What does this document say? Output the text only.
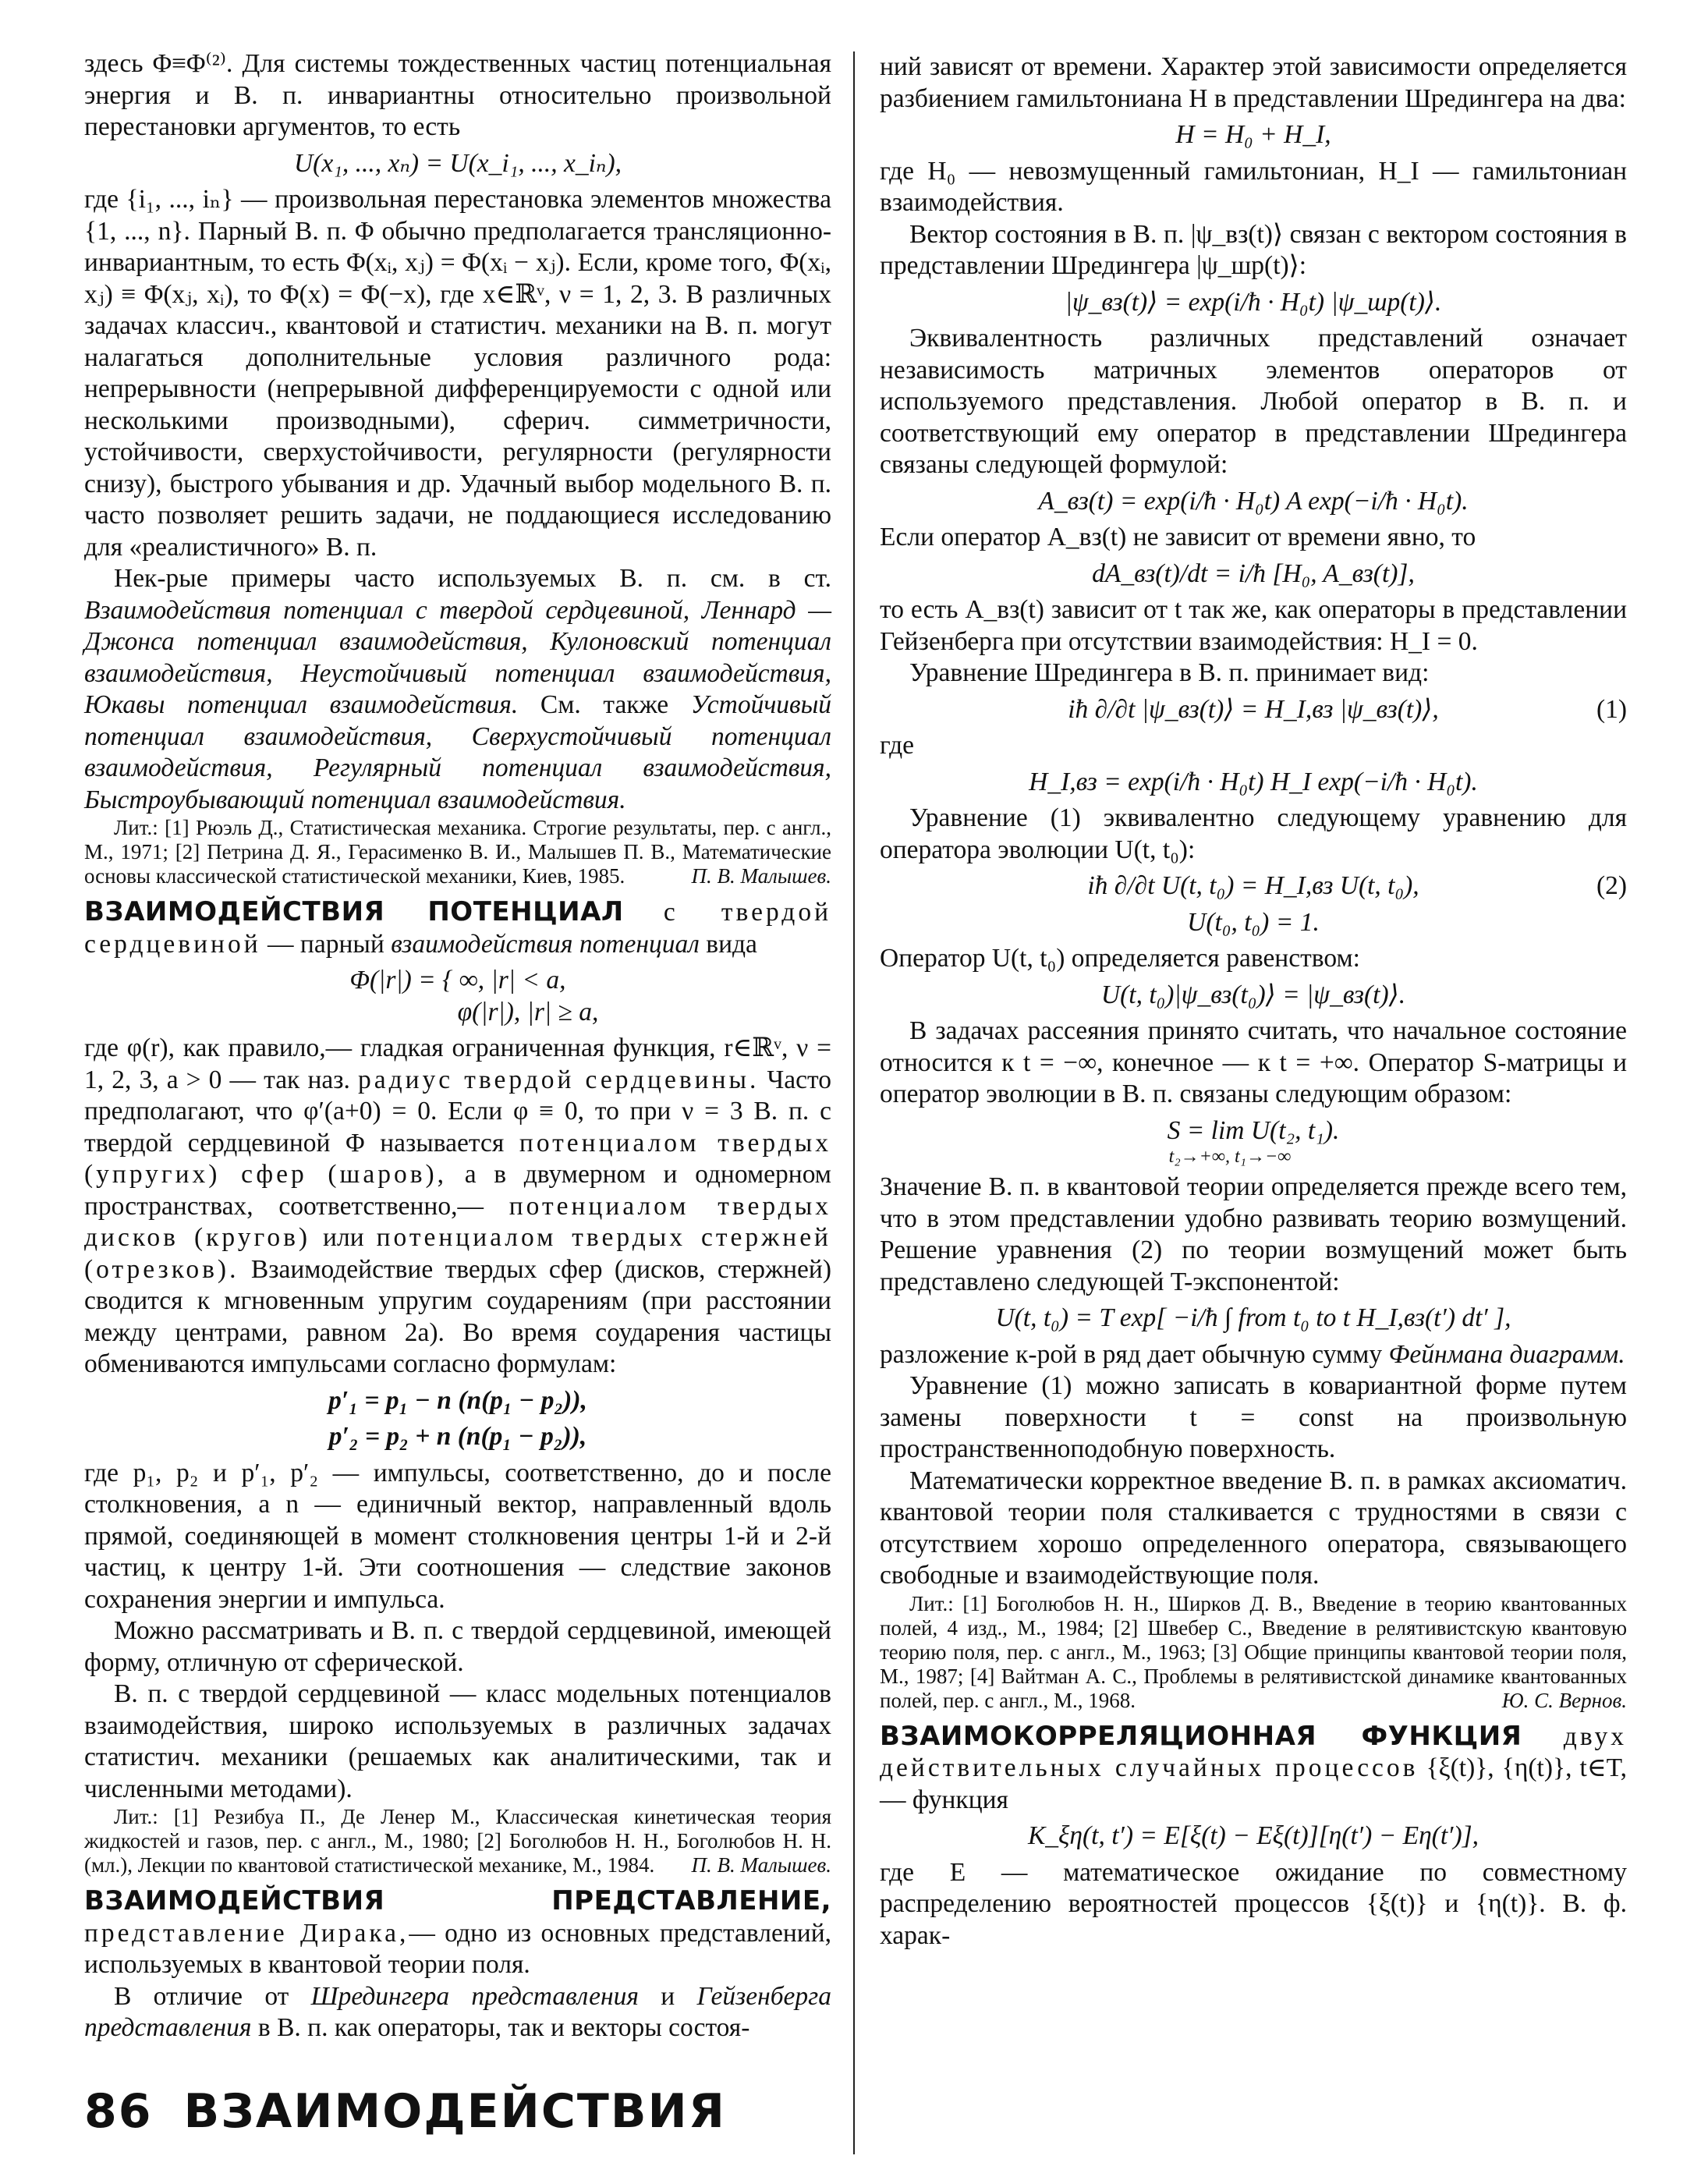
здесь Φ≡Φ⁽²⁾. Для системы тождественных частиц потенциальная энергия и В. п. инвариантны относительно произвольной перестановки аргументов, то есть

U(x₁, ..., xₙ) = U(x_i₁, ..., x_iₙ),

где {i₁, ..., iₙ} — произвольная перестановка элементов множества {1, ..., n}. Парный В. п. Φ обычно предполагается трансляционно-инвариантным, то есть Φ(xᵢ, xⱼ) = Φ(xᵢ − xⱼ). Если, кроме того, Φ(xᵢ, xⱼ) ≡ Φ(xⱼ, xᵢ), то Φ(x) = Φ(−x), где x∈ℝᵛ, ν = 1, 2, 3. В различных задачах классич., квантовой и статистич. механики на В. п. могут налагаться дополнительные условия различного рода: непрерывности (непрерывной дифференцируемости с одной или несколькими производными), сферич. симметричности, устойчивости, сверхустойчивости, регулярности (регулярности снизу), быстрого убывания и др. Удачный выбор модельного В. п. часто позволяет решить задачи, не поддающиеся исследованию для «реалистичного» В. п.

Нек-рые примеры часто используемых В. п. см. в ст. Взаимодействия потенциал с твердой сердцевиной, Леннард — Джонса потенциал взаимодействия, Кулоновский потенциал взаимодействия, Неустойчивый потенциал взаимодействия, Юкавы потенциал взаимодействия. См. также Устойчивый потенциал взаимодействия, Сверхустойчивый потенциал взаимодействия, Регулярный потенциал взаимодействия, Быстроубывающий потенциал взаимодействия.

Лит.: [1] Рюэль Д., Статистическая механика. Строгие результаты, пер. с англ., М., 1971; [2] Петрина Д. Я., Герасименко В. И., Малышев П. В., Математические основы классической статистической механики, Киев, 1985.	П. В. Малышев.

ВЗАИМОДЕЙСТВИЯ ПОТЕНЦИАЛ с твердой сердцевиной — парный взаимодействия потенциал вида

Φ(|r|) = { ∞, |r| < a,

φ(|r|), |r| ≥ a,

где φ(r), как правило,— гладкая ограниченная функция, r∈ℝᵛ, ν = 1, 2, 3, a > 0 — так наз. радиус твердой сердцевины. Часто предполагают, что φ′(a+0) = 0. Если φ ≡ 0, то при ν = 3 В. п. с твердой сердцевиной Φ называется потенциалом твердых (упругих) сфер (шаров), а в двумерном и одномерном пространствах, соответственно,— потенциалом твердых дисков (кругов) или потенциалом твердых стержней (отрезков). Взаимодействие твердых сфер (дисков, стержней) сводится к мгновенным упругим соударениям (при расстоянии между центрами, равном 2a). Во время соударения частицы обмениваются импульсами согласно формулам:

p′₁ = p₁ − n (n(p₁ − p₂)),

p′₂ = p₂ + n (n(p₁ − p₂)),

где p₁, p₂ и p′₁, p′₂ — импульсы, соответственно, до и после столкновения, а n — единичный вектор, направленный вдоль прямой, соединяющей в момент столкновения центры 1-й и 2-й частиц, к центру 1-й. Эти соотношения — следствие законов сохранения энергии и импульса.

Можно рассматривать и В. п. с твердой сердцевиной, имеющей форму, отличную от сферической.

В. п. с твердой сердцевиной — класс модельных потенциалов взаимодействия, широко используемых в различных задачах статистич. механики (решаемых как аналитическими, так и численными методами).

Лит.: [1] Резибуа П., Де Ленер М., Классическая кинетическая теория жидкостей и газов, пер. с англ., М., 1980; [2] Боголюбов Н. Н., Боголюбов Н. Н. (мл.), Лекции по квантовой статистической механике, М., 1984.	П. В. Малышев.

ВЗАИМОДЕЙСТВИЯ ПРЕДСТАВЛЕНИЕ, представление Дирака,— одно из основных представлений, используемых в квантовой теории поля.

В отличие от Шредингера представления и Гейзенберга представления в В. п. как операторы, так и векторы состоя-

ний зависят от времени. Характер этой зависимости определяется разбиением гамильтониана H в представлении Шредингера на два:

H = H₀ + H_I,

где H₀ — невозмущенный гамильтониан, H_I — гамильтониан взаимодействия.

Вектор состояния в В. п. |ψ_вз(t)⟩ связан с вектором состояния в представлении Шредингера |ψ_шр(t)⟩:

|ψ_вз(t)⟩ = exp(i/ħ · H₀t) |ψ_шр(t)⟩.

Эквивалентность различных представлений означает независимость матричных элементов операторов от используемого представления. Любой оператор в В. п. и соответствующий ему оператор в представлении Шредингера связаны следующей формулой:

A_вз(t) = exp(i/ħ · H₀t) A exp(−i/ħ · H₀t).

Если оператор A_вз(t) не зависит от времени явно, то

dA_вз(t)/dt = i/ħ [H₀, A_вз(t)],

то есть A_вз(t) зависит от t так же, как операторы в представлении Гейзенберга при отсутствии взаимодействия: H_I = 0.

Уравнение Шредингера в В. п. принимает вид:

iħ ∂/∂t |ψ_вз(t)⟩ = H_I,вз |ψ_вз(t)⟩,	(1)

где

H_I,вз = exp(i/ħ · H₀t) H_I exp(−i/ħ · H₀t).

Уравнение (1) эквивалентно следующему уравнению для оператора эволюции U(t, t₀):

iħ ∂/∂t U(t, t₀) = H_I,вз U(t, t₀),	(2)

U(t₀, t₀) = 1.

Оператор U(t, t₀) определяется равенством:

U(t, t₀)|ψ_вз(t₀)⟩ = |ψ_вз(t)⟩.

В задачах рассеяния принято считать, что начальное состояние относится к t = −∞, конечное — к t = +∞. Оператор S-матрицы и оператор эволюции в В. п. связаны следующим образом:

S = lim U(t₂, t₁).

t₂→+∞, t₁→−∞

Значение В. п. в квантовой теории определяется прежде всего тем, что в этом представлении удобно развивать теорию возмущений. Решение уравнения (2) по теории возмущений может быть представлено следующей T-экспонентой:

U(t, t₀) = T exp[ −i/ħ ∫ from t₀ to t H_I,вз(t′) dt′ ],

разложение к-рой в ряд дает обычную сумму Фейнмана диаграмм.

Уравнение (1) можно записать в ковариантной форме путем замены поверхности t = const на произвольную пространственноподобную поверхность.

Математически корректное введение В. п. в рамках аксиоматич. квантовой теории поля сталкивается с трудностями в связи с отсутствием хорошо определенного оператора, связывающего свободные и взаимодействующие поля.

Лит.: [1] Боголюбов Н. Н., Ширков Д. В., Введение в теорию квантованных полей, 4 изд., М., 1984; [2] Швебер С., Введение в релятивистскую квантовую теорию поля, пер. с англ., М., 1963; [3] Общие принципы квантовой теории поля, М., 1987; [4] Вайтман А. С., Проблемы в релятивистской динамике квантованных полей, пер. с англ., М., 1968.	Ю. С. Вернов.

ВЗАИМОКОРРЕЛЯЦИОННАЯ ФУНКЦИЯ двух действительных случайных процессов {ξ(t)}, {η(t)}, t∈T, — функция

K_ξη(t, t′) = E[ξ(t) − Eξ(t)][η(t′) − Eη(t′)],

где E — математическое ожидание по совместному распределению вероятностей процессов {ξ(t)} и {η(t)}. В. ф. харак-

86 ВЗАИМОДЕЙСТВИЯ
